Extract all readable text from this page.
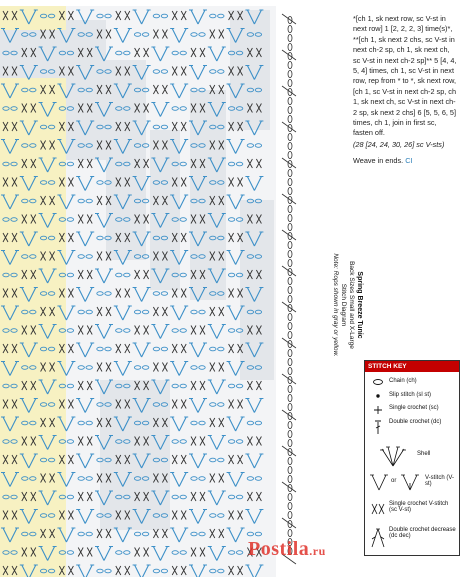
*[ch 1, sk next row, sc V-st in next row] 1 [2, 2, 2, 3] time(s)*, **[ch 1, sk next 2 chs, sc V-st in next ch-2 sp, ch 1, sk next ch, sc V-st in next ch-2 sp]** 5 [4, 4, 5, 4] times, ch 1, sc V-st in next row, rep from * to *, sk next row, [ch 1, sc V-st in next ch-2 sp, ch 1, sk next ch, sc V-st in next ch-2 sp, sk next 2 chs] 6 [5, 5, 6, 5] times, ch 1, join in first sc, fasten off.

(28 [24, 24, 30, 26] sc V-sts)

Weave in ends. CI

Spring Breeze Tunic
Back Sizes Small and X-Large
Stitch Diagram
Note: Rops shown in gray or yellow.
STITCH KEY
Chain (ch)
Slip stitch (sl st)
Single crochet (sc)
Double crochet (dc)
Shell
or	V-stitch (V-st)
Single crochet V-stitch (sc V-st)
Double crochet decrease (dc dec)
Postila.ru
